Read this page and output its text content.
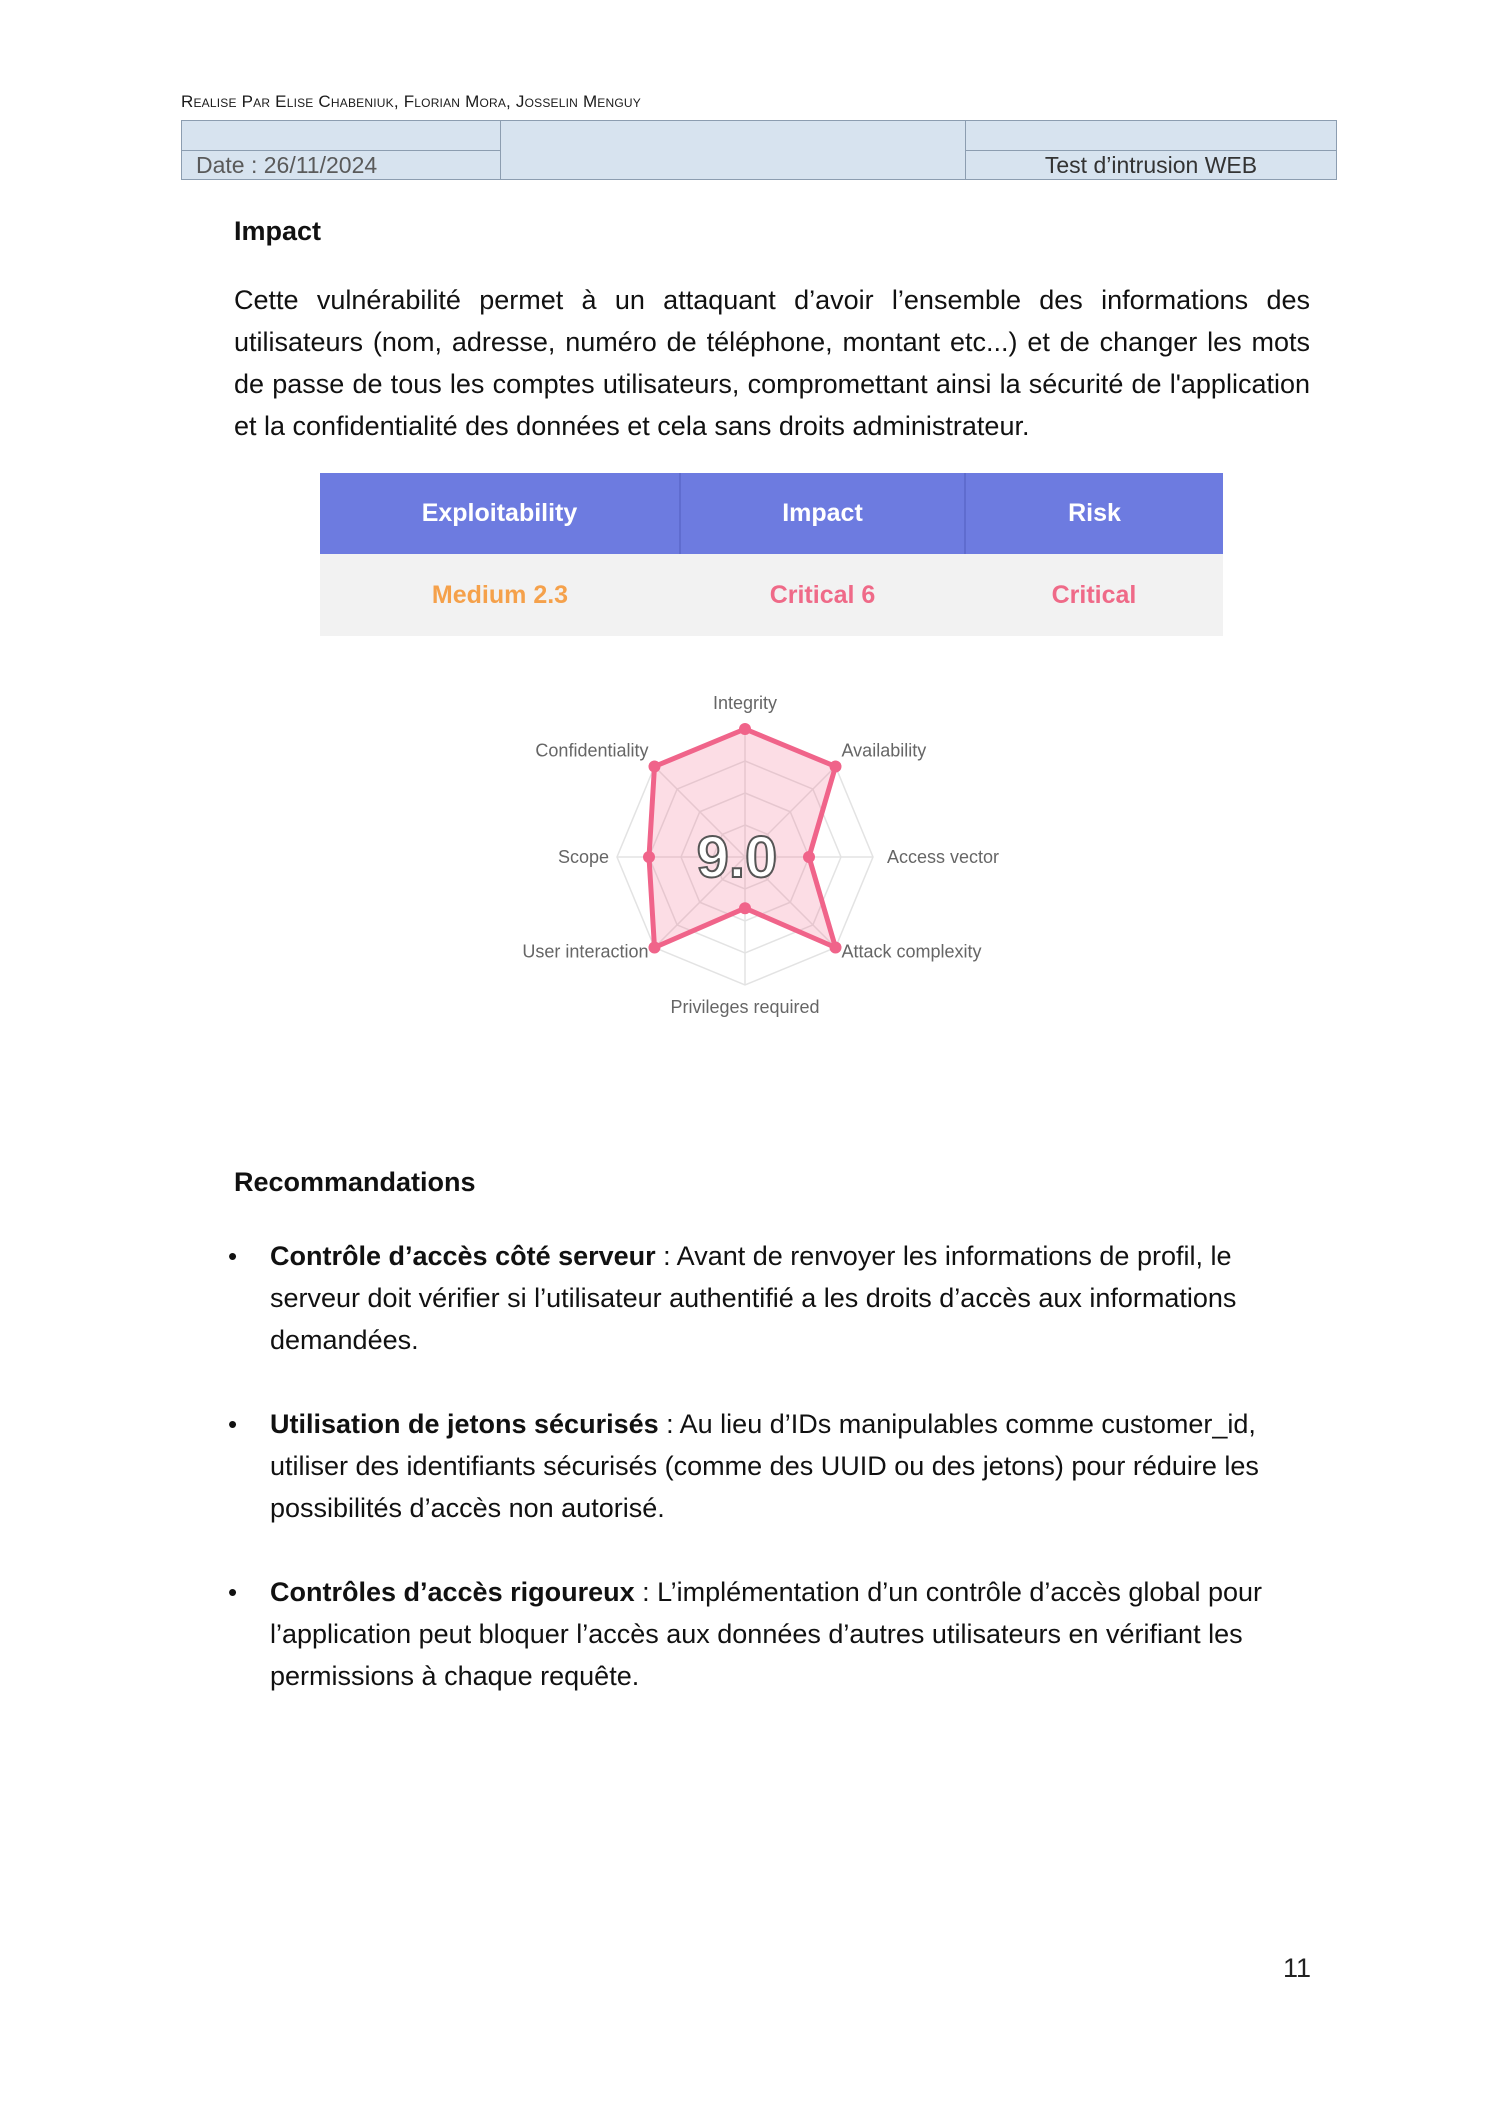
Realise Par Elise Chabeniuk, Florian Mora, Josselin Menguy

Date : 26/11/2024		Test d’intrusion WEB
Impact
Cette vulnérabilité permet à un attaquant d’avoir l’ensemble des informations des utilisateurs (nom, adresse, numéro de téléphone, montant etc...) et de changer les mots de passe de tous les comptes utilisateurs, compromettant ainsi la sécurité de l'application et la confidentialité des données et cela sans droits administrateur.
Exploitability	Impact	Risk
Medium 2.3	Critical 6	Critical
9.0
Integrity
Availability
Access vector
Attack complexity
Privileges required
User interaction
Scope
Confidentiality
Recommandations
• Contrôle d’accès côté serveur : Avant de renvoyer les informations de profil, le serveur doit vérifier si l’utilisateur authentifié a les droits d’accès aux informations demandées.
• Utilisation de jetons sécurisés : Au lieu d’IDs manipulables comme customer_id, utiliser des identifiants sécurisés (comme des UUID ou des jetons) pour réduire les possibilités d’accès non autorisé.
• Contrôles d’accès rigoureux : L’implémentation d’un contrôle d’accès global pour l’application peut bloquer l’accès aux données d’autres utilisateurs en vérifiant les permissions à chaque requête.
11
